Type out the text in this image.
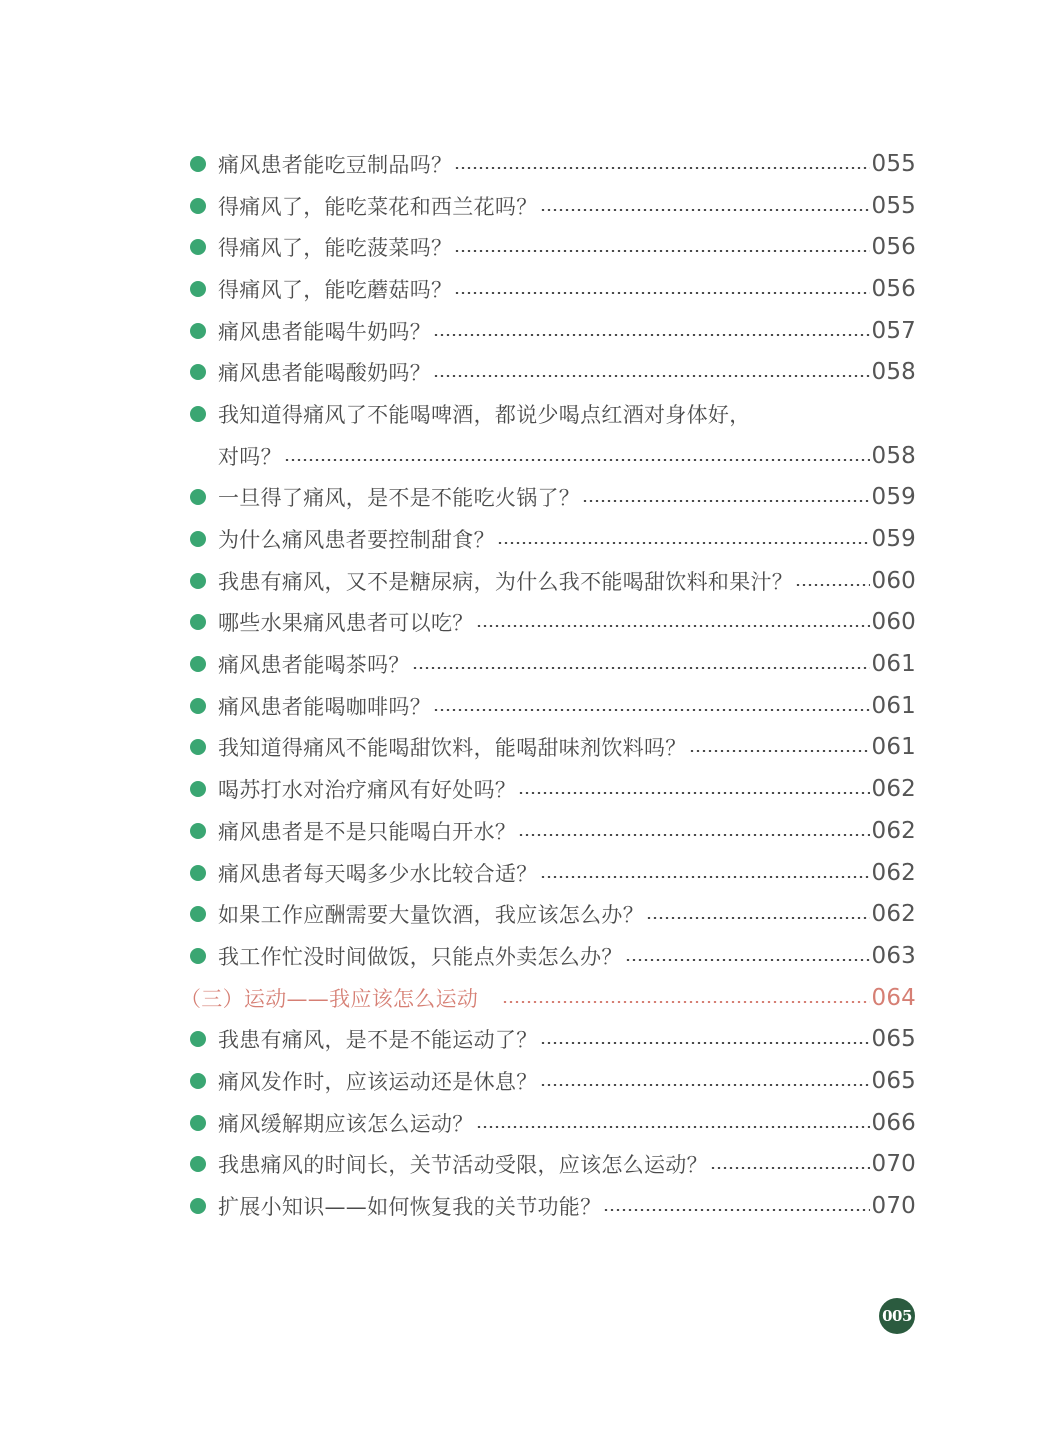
痛风患者能吃豆制品吗？	055
得痛风了，能吃菜花和西兰花吗？	055
得痛风了，能吃菠菜吗？	056
得痛风了，能吃蘑菇吗？	056
痛风患者能喝牛奶吗？	057
痛风患者能喝酸奶吗？	058
我知道得痛风了不能喝啤酒，都说少喝点红酒对身体好，
对吗？	058
一旦得了痛风，是不是不能吃火锅了？	059
为什么痛风患者要控制甜食？	059
我患有痛风，又不是糖尿病，为什么我不能喝甜饮料和果汁？	060
哪些水果痛风患者可以吃？	060
痛风患者能喝茶吗？	061
痛风患者能喝咖啡吗？	061
我知道得痛风不能喝甜饮料，能喝甜味剂饮料吗？	061
喝苏打水对治疗痛风有好处吗？	062
痛风患者是不是只能喝白开水？	062
痛风患者每天喝多少水比较合适？	062
如果工作应酬需要大量饮酒，我应该怎么办？	062
我工作忙没时间做饭，只能点外卖怎么办？	063
（三）运动——我应该怎么运动	064
我患有痛风，是不是不能运动了？	065
痛风发作时，应该运动还是休息？	065
痛风缓解期应该怎么运动？	066
我患痛风的时间长，关节活动受限，应该怎么运动？	070
扩展小知识——如何恢复我的关节功能？	070
005
